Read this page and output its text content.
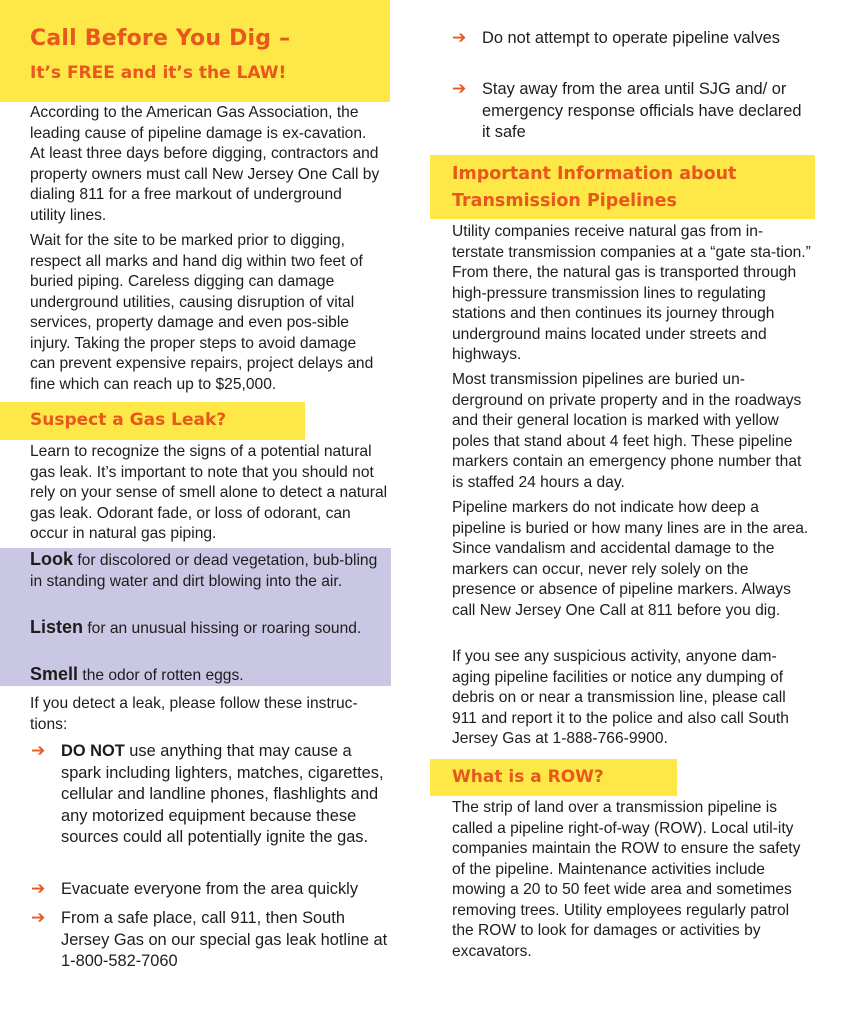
Call Before You Dig –
It’s FREE and it’s the LAW!

According to the American Gas Association, the leading cause of pipeline damage is ex-cavation. At least three days before digging, contractors and property owners must call New Jersey One Call by dialing 811 for a free markout of underground utility lines.

Wait for the site to be marked prior to digging, respect all marks and hand dig within two feet of buried piping. Careless digging can damage underground utilities, causing disruption of vital services, property damage and even pos-sible injury. Taking the proper steps to avoid damage can prevent expensive repairs, project delays and fine which can reach up to $25,000.

Suspect a Gas Leak?

Learn to recognize the signs of a potential natural gas leak. It’s important to note that you should not rely on your sense of smell alone to detect a natural gas leak. Odorant fade, or loss of odorant, can occur in natural gas piping.

Look for discolored or dead vegetation, bub-bling in standing water and dirt blowing into the air.

Listen for an unusual hissing or roaring sound.

Smell the odor of rotten eggs.

If you detect a leak, please follow these instruc-tions:

➔ DO NOT use anything that may cause a spark including lighters, matches, cigarettes, cellular and landline phones, flashlights and any motorized equipment because these sources could all potentially ignite the gas.

➔ Evacuate everyone from the area quickly

➔ From a safe place, call 911, then South Jersey Gas on our special gas leak hotline at 1-800-582-7060

➔ Do not attempt to operate pipeline valves

➔ Stay away from the area until SJG and/ or emergency response officials have declared it safe

Important Information about
Transmission Pipelines

Utility companies receive natural gas from in-terstate transmission companies at a “gate sta-tion.” From there, the natural gas is transported through high-pressure transmission lines to regulating stations and then continues its journey through underground mains located under streets and highways.

Most transmission pipelines are buried un-derground on private property and in the roadways and their general location is marked with yellow poles that stand about 4 feet high. These pipeline markers contain an emergency phone number that is staffed 24 hours a day.

Pipeline markers do not indicate how deep a pipeline is buried or how many lines are in the area. Since vandalism and accidental damage to the markers can occur, never rely solely on the presence or absence of pipeline markers. Always call New Jersey One Call at 811 before you dig.

If you see any suspicious activity, anyone dam-aging pipeline facilities or notice any dumping of debris on or near a transmission line, please call 911 and report it to the police and also call South Jersey Gas at 1-888-766-9900.

What is a ROW?

The strip of land over a transmission pipeline is called a pipeline right-of-way (ROW). Local util-ity companies maintain the ROW to ensure the safety of the pipeline. Maintenance activities include mowing a 20 to 50 feet wide area and sometimes removing trees. Utility employees regularly patrol the ROW to look for damages or activities by excavators.
